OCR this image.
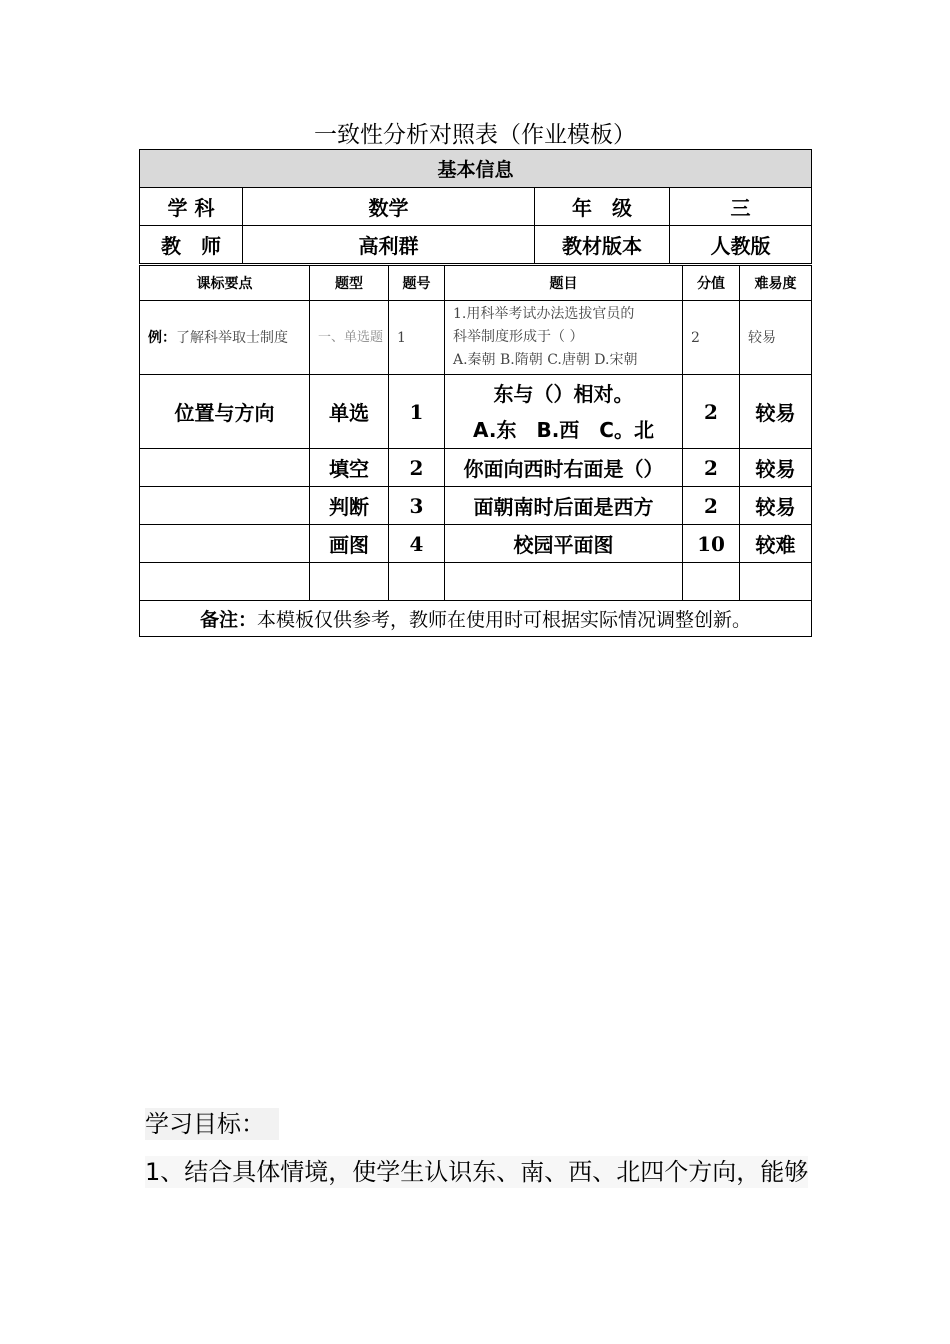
一致性分析对照表（作业模板）
基本信息			
学 科	数学	年　级	三
教　师	高利群	教材版本	人教版
课标要点	题型	题号	题目	分值	难易度
例：了解科举取士制度	一、单选题	1	1.用科举考试办法选拔官员的
科举制度形成于（ ）
A.秦朝 B.隋朝 C.唐朝 D.宋朝	2	较易
位置与方向	单选	1	东与（）相对。
A.东　B.西　C。北	2	较易
	填空	2	你面向西时右面是（）	2	较易
	判断	3	面朝南时后面是西方	2	较易
	画图	4	校园平面图	10	较难

备注：本模板仅供参考，教师在使用时可根据实际情况调整创新。					
学习目标：
1、结合具体情境，使学生认识东、南、西、北四个方向，能够
